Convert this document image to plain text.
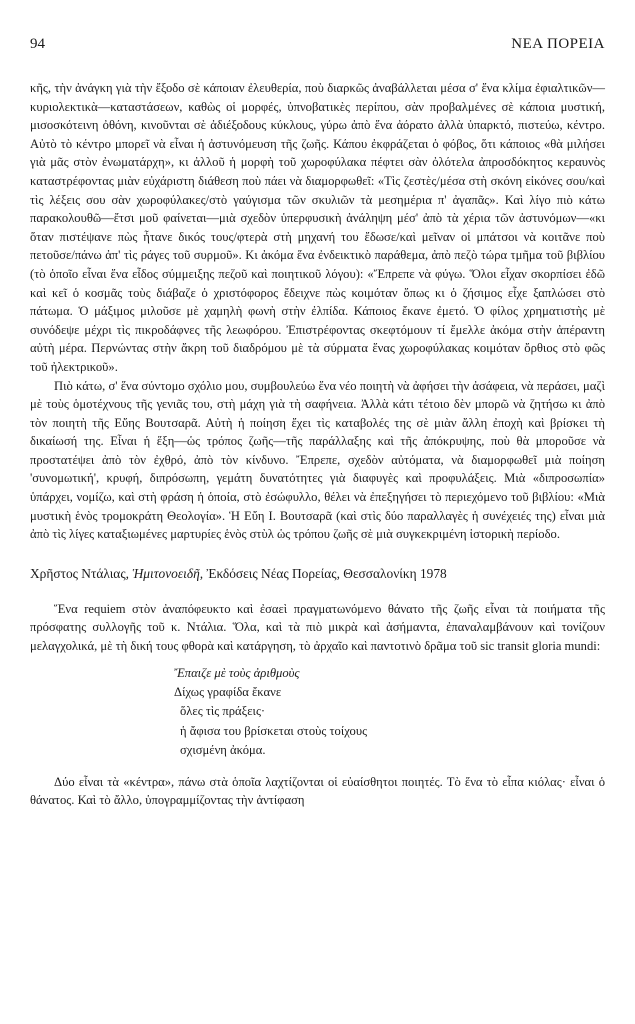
94	ΝΕΑ ΠΟΡΕΙΑ

κῆς, τὴν ἀνάγκη γιὰ τὴν ἔξοδο σὲ κάποιαν ἐλευθερία, ποὺ διαρκῶς ἀναβάλλεται μέσα σ' ἕνα κλίμα ἐφιαλτικῶν—κυριολεκτικὰ—καταστάσεων, καθὼς οἱ μορφές, ὑπνοβατικὲς περίπου, σὰν προβαλμένες σὲ κάποια μυστική, μισοσκότεινη ὀθόνη, κινοῦνται σὲ ἀδιέξοδους κύκλους, γύρω ἀπὸ ἕνα ἀόρατο ἀλλὰ ὑπαρκτό, πιστεύω, κέντρο. Αὐτὸ τὸ κέντρο μπορεῖ νὰ εἶναι ἡ ἀστυνόμευση τῆς ζωῆς. Κάπου ἐκφράζεται ὁ φόβος, ὅτι κάποιος «θὰ μιλήσει γιὰ μᾶς στὸν ἐνωματάρχη», κι ἀλλοῦ ἡ μορφὴ τοῦ χωροφύλακα πέφτει σὰν ὀλότελα ἀπροσδόκητος κεραυνὸς καταστρέφοντας μιὰν εὐχάριστη διάθεση ποὺ πάει νὰ διαμορφωθεῖ: «Τὶς ζεστὲς/μέσα στὴ σκόνη εἰκόνες σου/καὶ τὶς λέξεις σου σὰν χωροφύλακες/στὸ γαύγισμα τῶν σκυλιῶν τὰ μεσημέρια π' ἀγαπᾶς». Καὶ λίγο πιὸ κάτω παρακολουθῶ—ἔτσι μοῦ φαίνεται—μιὰ σχεδὸν ὑπερφυσικὴ ἀνάληψη μέσ' ἀπὸ τὰ χέρια τῶν ἀστυνόμων—«κι ὅταν πιστέψανε πὼς ἦτανε δικός τους/φτερὰ στὴ μηχανή του ἔδωσε/καὶ μεῖναν οἱ μπάτσοι νὰ κοιτᾶνε ποὺ πετοῦσε/πάνω ἀπ' τὶς ράγες τοῦ συρμοῦ». Κι ἀκόμα ἕνα ἐνδεικτικὸ παράθεμα, ἀπὸ πεζὸ τώρα τμῆμα τοῦ βιβλίου (τὸ ὁποῖο εἶναι ἕνα εἶδος σύμμειξης πεζοῦ καὶ ποιητικοῦ λόγου): «Ἔπρεπε νὰ φύγω. Ὅλοι εἶχαν σκορπίσει ἐδῶ καὶ κεῖ ὁ κοσμᾶς τοὺς διάβαζε ὁ χριστόφορος ἔδειχνε πὼς κοιμόταν ὅπως κι ὁ ζήσιμος εἶχε ξαπλώσει στὸ πάτωμα. Ὁ μάξιμος μιλοῦσε μὲ χαμηλὴ φωνὴ στὴν ἐλπίδα. Κάποιος ἔκανε ἐμετό. Ὁ φίλος χρηματιστὴς μὲ συνόδεψε μέχρι τὶς πικροδάφνες τῆς λεωφόρου. Ἐπιστρέφοντας σκεφτόμουν τί ἔμελλε ἀκόμα στὴν ἀπέραντη αὐτὴ μέρα. Περνώντας στὴν ἄκρη τοῦ διαδρόμου μὲ τὰ σύρματα ἕνας χωροφύλακας κοιμόταν ὄρθιος στὸ φῶς τοῦ ἠλεκτρικοῦ».

Πιὸ κάτω, σ' ἕνα σύντομο σχόλιο μου, συμβουλεύω ἕνα νέο ποιητὴ νὰ ἀφήσει τὴν ἀσάφεια, νὰ περάσει, μαζὶ μὲ τοὺς ὁμοτέχνους τῆς γενιᾶς του, στὴ μάχη γιὰ τὴ σαφήνεια. Ἀλλὰ κάτι τέτοιο δὲν μπορῶ νὰ ζητήσω κι ἀπὸ τὸν ποιητὴ τῆς Εὔης Βουτσαρᾶ. Αὐτὴ ἡ ποίηση ἔχει τὶς καταβολές της σὲ μιὰν ἄλλη ἐποχὴ καὶ βρίσκει τὴ δικαίωσή της. Εἶναι ἡ ἕξη—ὡς τρόπος ζωῆς—τῆς παράλλαξης καὶ τῆς ἀπόκρυψης, ποὺ θὰ μποροῦσε νὰ προστατέψει ἀπὸ τὸν ἐχθρό, ἀπὸ τὸν κίνδυνο. Ἔπρεπε, σχεδὸν αὐτόματα, νὰ διαμορφωθεῖ μιὰ ποίηση 'συνομωτική', κρυφή, διπρόσωπη, γεμάτη δυνατότητες γιὰ διαφυγὲς καὶ προφυλάξεις. Μιὰ «διπροσωπία» ὑπάρχει, νομίζω, καὶ στὴ φράση ἡ ὁποία, στὸ ἐσώφυλλο, θέλει νὰ ἐπεξηγήσει τὸ περιεχόμενο τοῦ βιβλίου: «Μιὰ μυστικὴ ἑνὸς τρομοκράτη Θεολογία». Ἡ Εὔη Ι. Βουτσαρᾶ (καὶ στὶς δύο παραλλαγὲς ἡ συνέχειές της) εἶναι μιὰ ἀπὸ τὶς λίγες καταξιωμένες μαρτυρίες ἑνὸς στὺλ ὡς τρόπου ζωῆς σὲ μιὰ συγκεκριμένη ἱστορικὴ περίοδο.

Χρῆστος Ντάλιας, Ἡμιτονοειδῆ, Ἐκδόσεις Νέας Πορείας, Θεσσαλονίκη 1978

Ἕνα requiem στὸν ἀναπόφευκτο καὶ ἐσαεὶ πραγματωνόμενο θάνατο τῆς ζωῆς εἶναι τὰ ποιήματα τῆς πρόσφατης συλλογῆς τοῦ κ. Ντάλια. Ὅλα, καὶ τὰ πιὸ μικρὰ καὶ ἀσήμαντα, ἐπαναλαμβάνουν καὶ τονίζουν μελαγχολικά, μὲ τὴ δική τους φθορὰ καὶ κατάργηση, τὸ ἀρχαῖο καὶ παντοτινὸ δρᾶμα τοῦ sic transit gloria mundi:

Ἔπαιζε μὲ τοὺς ἀριθμοὺς
Δίχως γραφίδα ἔκανε
ὅλες τὶς πράξεις·
ἡ ἄφισα του βρίσκεται στοὺς τοίχους
σχισμένη ἀκόμα.

Δύο εἶναι τὰ «κέντρα», πάνω στὰ ὁποῖα λαχτίζονται οἱ εὐαίσθητοι ποιητές. Τὸ ἕνα τὸ εἶπα κιόλας· εἶναι ὁ θάνατος. Καὶ τὸ ἄλλο, ὑπογραμμίζοντας τὴν ἀντίφαση
